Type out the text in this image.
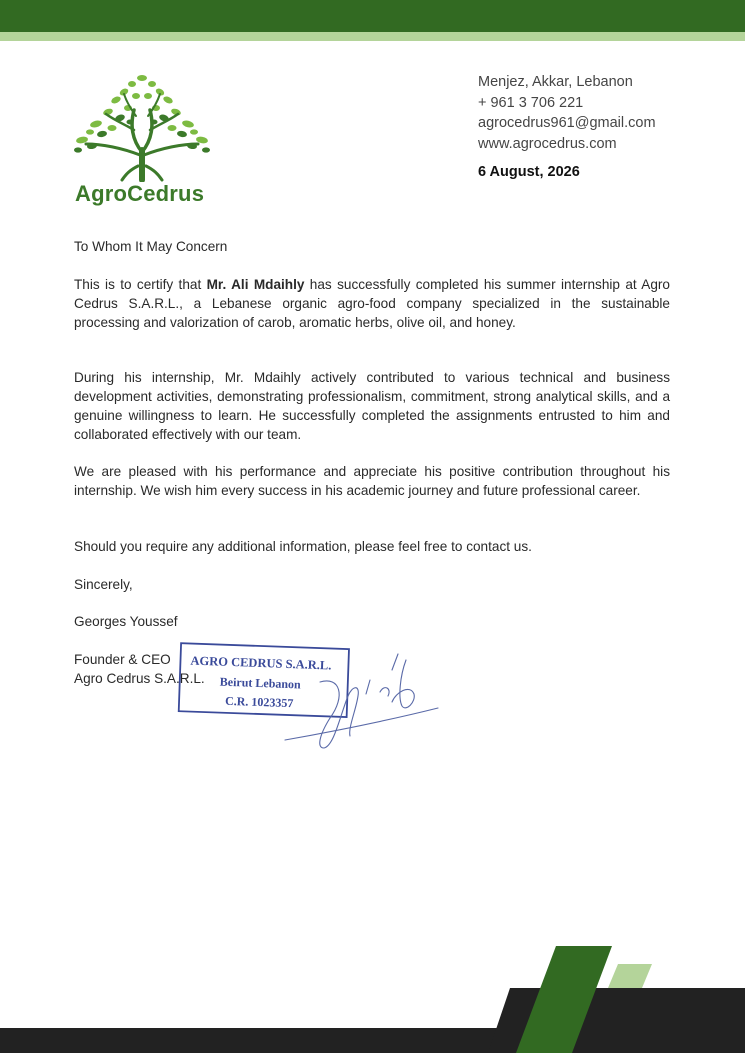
AgroCedrus
Menjez, Akkar, Lebanon
+ 961 3 706 221
agrocedrus961@gmail.com
www.agrocedrus.com
6 August, 2026
To Whom It May Concern
This is to certify that Mr. Ali Mdaihly has successfully completed his summer internship at Agro Cedrus S.A.R.L., a Lebanese organic agro-food company specialized in the sustainable processing and valorization of carob, aromatic herbs, olive oil, and honey.
During his internship, Mr. Mdaihly actively contributed to various technical and business development activities, demonstrating professionalism, commitment, strong analytical skills, and a genuine willingness to learn. He successfully completed the assignments entrusted to him and collaborated effectively with our team.
We are pleased with his performance and appreciate his positive contribution throughout his internship. We wish him every success in his academic journey and future professional career.
Should you require any additional information, please feel free to contact us.
Sincerely,
Georges Youssef
Founder & CEO
Agro Cedrus S.A.R.L.
AGRO CEDRUS S.A.R.L.
Beirut Lebanon
C.R. 1023357
